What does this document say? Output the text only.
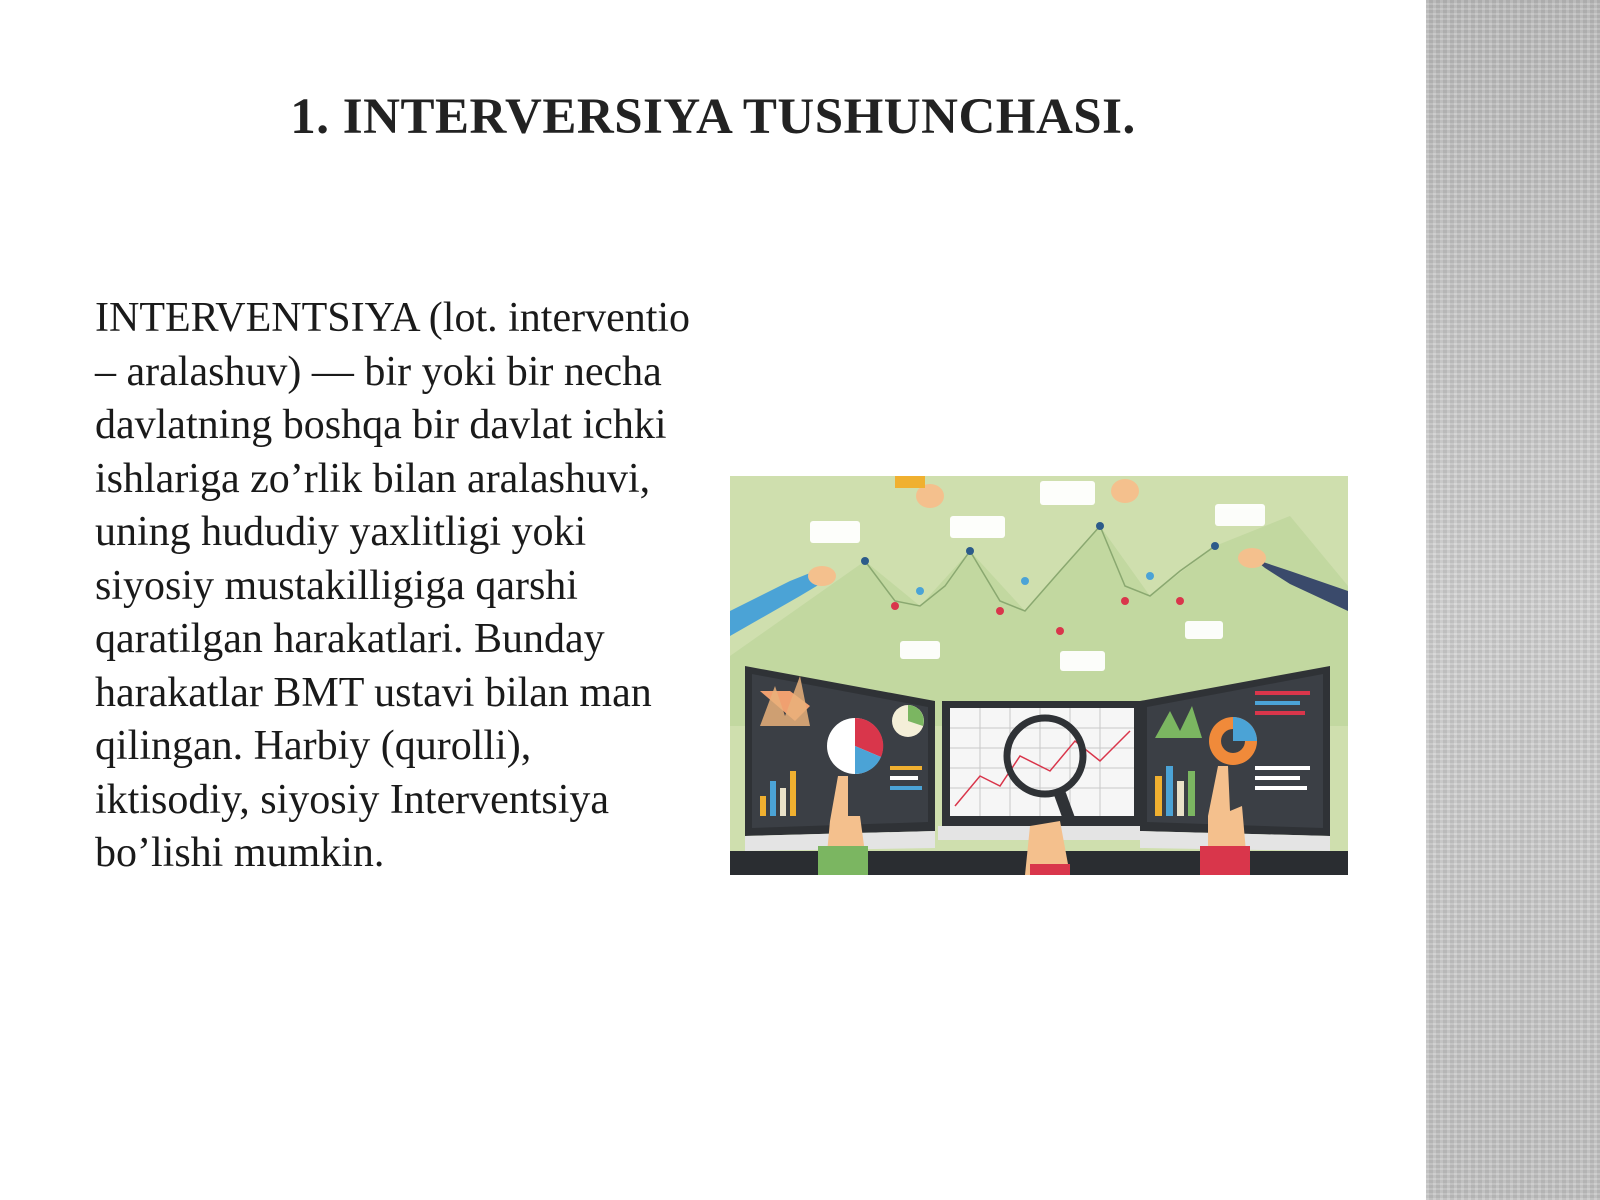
1. INTERVERSIYA TUSHUNCHASI.

INTERVENTSIYA (lot. interventio – aralashuv) — bir yoki bir necha davlatning boshqa bir davlat ichki ishlariga zo’rlik bilan aralashuvi, uning hududiy yaxlitligi yoki siyosiy mustakilligiga qarshi qaratilgan harakatlari. Bunday harakatlar BMT ustavi bilan man qilingan. Harbiy (qurolli), iktisodiy, siyosiy Interventsiya bo’lishi mumkin.
